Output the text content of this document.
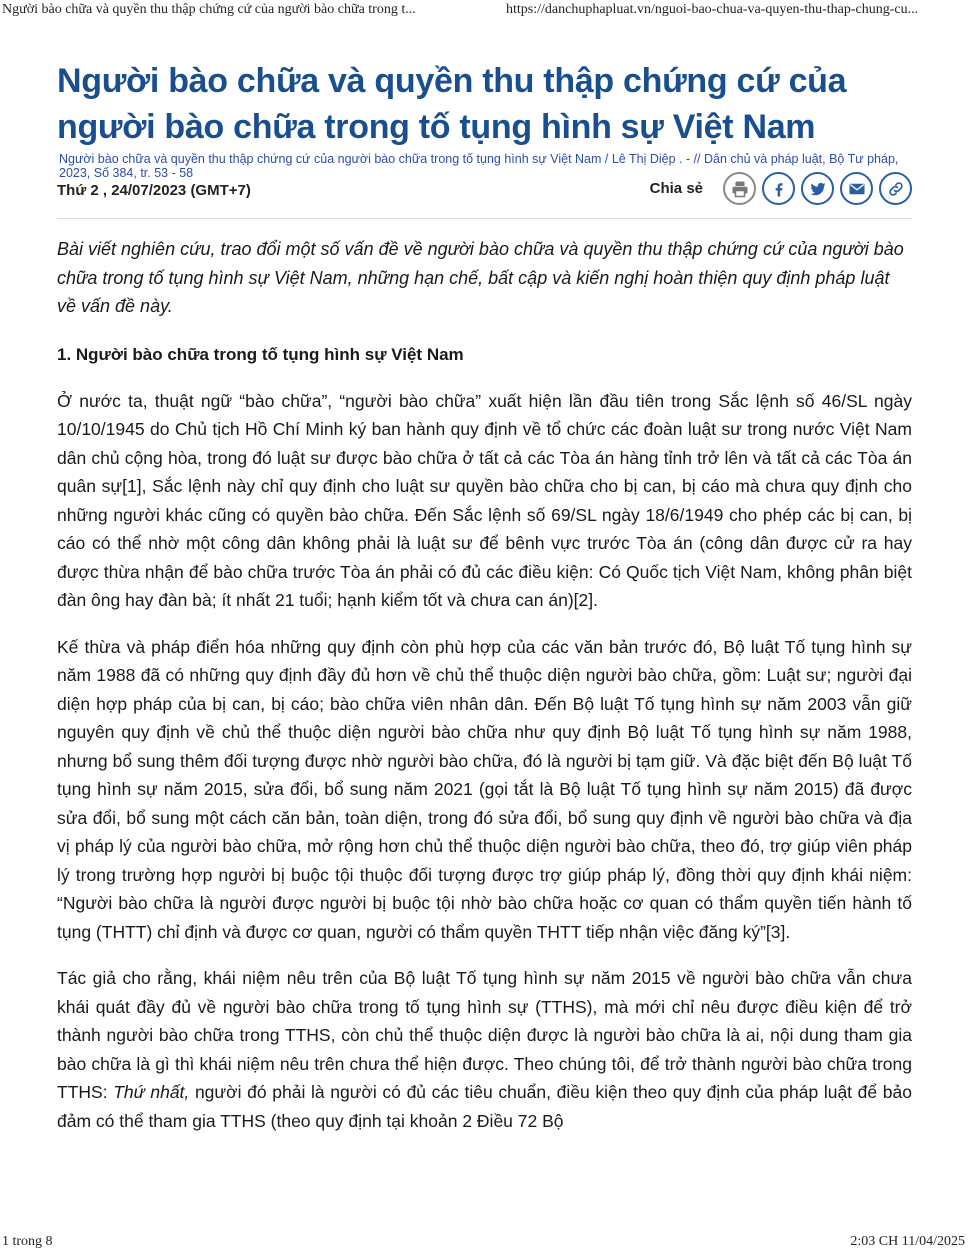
Người bào chữa và quyền thu thập chứng cứ của người bào chữa trong t...	https://danchuphapluat.vn/nguoi-bao-chua-va-quyen-thu-thap-chung-cu...
Người bào chữa và quyền thu thập chứng cứ của người bào chữa trong tố tụng hình sự Việt Nam
Người bào chữa và quyền thu thập chứng cứ của người bào chữa trong tố tụng hình sự Việt Nam / Lê Thị Diệp . - // Dân chủ và pháp luật, Bộ Tư pháp, 2023, Số 384, tr. 53 - 58
Thứ 2 , 24/07/2023 (GMT+7)	Chia sẻ

Bài viết nghiên cứu, trao đổi một số vấn đề về người bào chữa và quyền thu thập chứng cứ của người bào chữa trong tố tụng hình sự Việt Nam, những hạn chế, bất cập và kiến nghị hoàn thiện quy định pháp luật về vấn đề này.

1. Người bào chữa trong tố tụng hình sự Việt Nam

Ở nước ta, thuật ngữ “bào chữa”, “người bào chữa” xuất hiện lần đầu tiên trong Sắc lệnh số 46/SL ngày 10/10/1945 do Chủ tịch Hồ Chí Minh ký ban hành quy định về tổ chức các đoàn luật sư trong nước Việt Nam dân chủ cộng hòa, trong đó luật sư được bào chữa ở tất cả các Tòa án hàng tỉnh trở lên và tất cả các Tòa án quân sự[1], Sắc lệnh này chỉ quy định cho luật sư quyền bào chữa cho bị can, bị cáo mà chưa quy định cho những người khác cũng có quyền bào chữa. Đến Sắc lệnh số 69/SL ngày 18/6/1949 cho phép các bị can, bị cáo có thể nhờ một công dân không phải là luật sư để bênh vực trước Tòa án (công dân được cử ra hay được thừa nhận để bào chữa trước Tòa án phải có đủ các điều kiện: Có Quốc tịch Việt Nam, không phân biệt đàn ông hay đàn bà; ít nhất 21 tuổi; hạnh kiểm tốt và chưa can án)[2].

Kế thừa và pháp điển hóa những quy định còn phù hợp của các văn bản trước đó, Bộ luật Tố tụng hình sự năm 1988 đã có những quy định đầy đủ hơn về chủ thể thuộc diện người bào chữa, gồm: Luật sư; người đại diện hợp pháp của bị can, bị cáo; bào chữa viên nhân dân. Đến Bộ luật Tố tụng hình sự năm 2003 vẫn giữ nguyên quy định về chủ thể thuộc diện người bào chữa như quy định Bộ luật Tố tụng hình sự năm 1988, nhưng bổ sung thêm đối tượng được nhờ người bào chữa, đó là người bị tạm giữ. Và đặc biệt đến Bộ luật Tố tụng hình sự năm 2015, sửa đổi, bổ sung năm 2021 (gọi tắt là Bộ luật Tố tụng hình sự năm 2015) đã được sửa đổi, bổ sung một cách căn bản, toàn diện, trong đó sửa đổi, bổ sung quy định về người bào chữa và địa vị pháp lý của người bào chữa, mở rộng hơn chủ thể thuộc diện người bào chữa, theo đó, trợ giúp viên pháp lý trong trường hợp người bị buộc tội thuộc đối tượng được trợ giúp pháp lý, đồng thời quy định khái niệm: “Người bào chữa là người được người bị buộc tội nhờ bào chữa hoặc cơ quan có thẩm quyền tiến hành tố tụng (THTT) chỉ định và được cơ quan, người có thẩm quyền THTT tiếp nhận việc đăng ký”[3].

Tác giả cho rằng, khái niệm nêu trên của Bộ luật Tố tụng hình sự năm 2015 về người bào chữa vẫn chưa khái quát đầy đủ về người bào chữa trong tố tụng hình sự (TTHS), mà mới chỉ nêu được điều kiện để trở thành người bào chữa trong TTHS, còn chủ thể thuộc diện được là người bào chữa là ai, nội dung tham gia bào chữa là gì thì khái niệm nêu trên chưa thể hiện được. Theo chúng tôi, để trở thành người bào chữa trong TTHS: Thứ nhất, người đó phải là người có đủ các tiêu chuẩn, điều kiện theo quy định của pháp luật để bảo đảm có thể tham gia TTHS (theo quy định tại khoản 2 Điều 72 Bộ

1 trong 8	2:03 CH 11/04/2025
